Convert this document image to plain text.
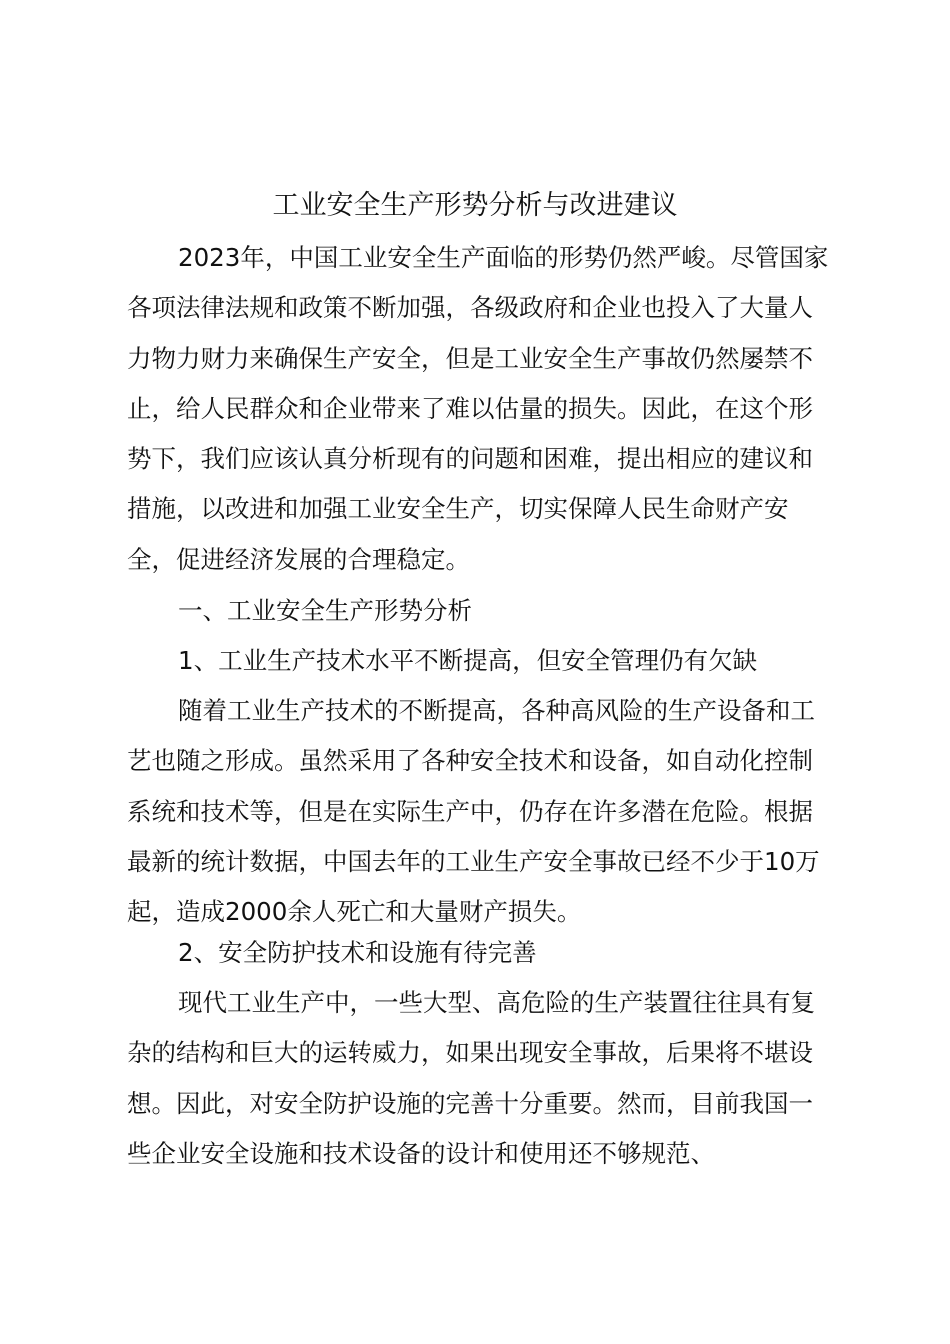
工业安全生产形势分析与改进建议

2023年，中国工业安全生产面临的形势仍然严峻。尽管国家各项法律法规和政策不断加强，各级政府和企业也投入了大量人力物力财力来确保生产安全，但是工业安全生产事故仍然屡禁不止，给人民群众和企业带来了难以估量的损失。因此，在这个形势下，我们应该认真分析现有的问题和困难，提出相应的建议和措施，以改进和加强工业安全生产，切实保障人民生命财产安全，促进经济发展的合理稳定。

一、工业安全生产形势分析

1、工业生产技术水平不断提高，但安全管理仍有欠缺

随着工业生产技术的不断提高，各种高风险的生产设备和工艺也随之形成。虽然采用了各种安全技术和设备，如自动化控制系统和技术等，但是在实际生产中，仍存在许多潜在危险。根据最新的统计数据，中国去年的工业生产安全事故已经不少于10万起，造成2000余人死亡和大量财产损失。

2、安全防护技术和设施有待完善

现代工业生产中，一些大型、高危险的生产装置往往具有复杂的结构和巨大的运转威力，如果出现安全事故，后果将不堪设想。因此，对安全防护设施的完善十分重要。然而，目前我国一些企业安全设施和技术设备的设计和使用还不够规范、
